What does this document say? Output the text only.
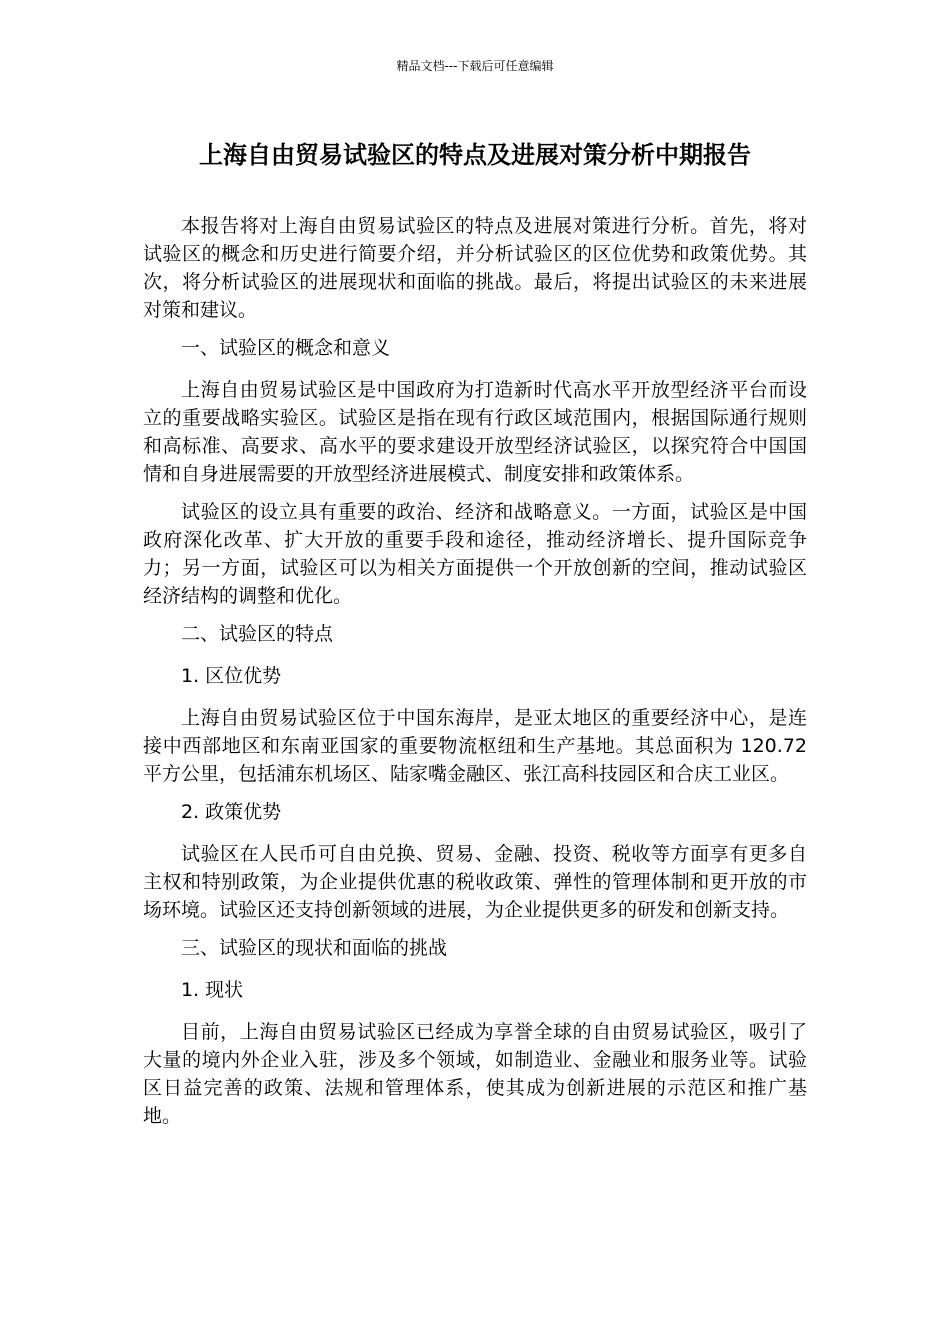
精品文档---下载后可任意编辑
上海自由贸易试验区的特点及进展对策分析中期报告

本报告将对上海自由贸易试验区的特点及进展对策进行分析。首先，将对试验区的概念和历史进行简要介绍，并分析试验区的区位优势和政策优势。其次，将分析试验区的进展现状和面临的挑战。最后，将提出试验区的未来进展对策和建议。

一、试验区的概念和意义

上海自由贸易试验区是中国政府为打造新时代高水平开放型经济平台而设立的重要战略实验区。试验区是指在现有行政区域范围内，根据国际通行规则和高标准、高要求、高水平的要求建设开放型经济试验区，以探究符合中国国情和自身进展需要的开放型经济进展模式、制度安排和政策体系。

试验区的设立具有重要的政治、经济和战略意义。一方面，试验区是中国政府深化改革、扩大开放的重要手段和途径，推动经济增长、提升国际竞争力；另一方面，试验区可以为相关方面提供一个开放创新的空间，推动试验区经济结构的调整和优化。

二、试验区的特点

1. 区位优势

上海自由贸易试验区位于中国东海岸，是亚太地区的重要经济中心，是连接中西部地区和东南亚国家的重要物流枢纽和生产基地。其总面积为 120.72 平方公里，包括浦东机场区、陆家嘴金融区、张江高科技园区和合庆工业区。

2. 政策优势

试验区在人民币可自由兑换、贸易、金融、投资、税收等方面享有更多自主权和特别政策，为企业提供优惠的税收政策、弹性的管理体制和更开放的市场环境。试验区还支持创新领域的进展，为企业提供更多的研发和创新支持。

三、试验区的现状和面临的挑战

1. 现状

目前，上海自由贸易试验区已经成为享誉全球的自由贸易试验区，吸引了大量的境内外企业入驻，涉及多个领域，如制造业、金融业和服务业等。试验区日益完善的政策、法规和管理体系，使其成为创新进展的示范区和推广基地。
